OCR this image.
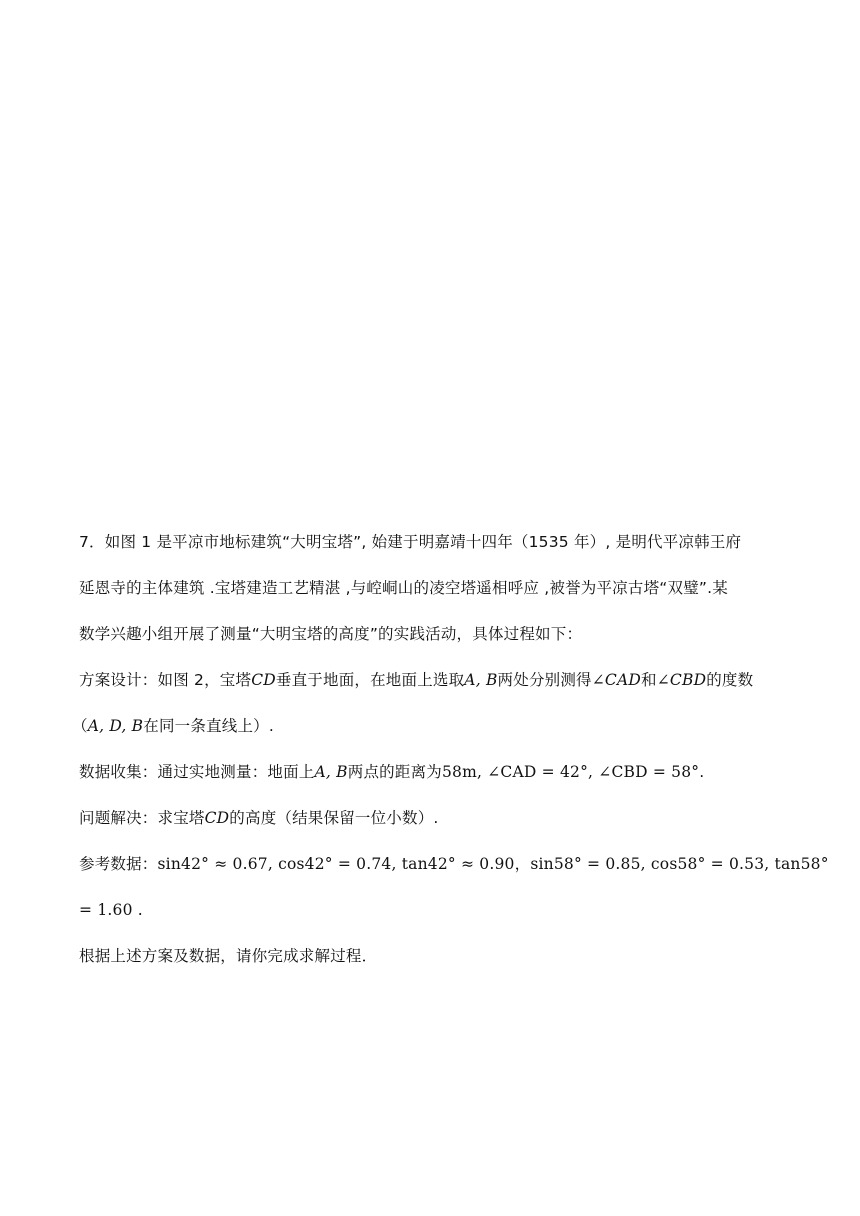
7．如图 1 是平凉市地标建筑“大明宝塔”, 始建于明嘉靖十四年（1535 年）, 是明代平凉韩王府
延恩寺的主体建筑 .宝塔建造工艺精湛 ,与崆峒山的凌空塔遥相呼应 ,被誉为平凉古塔“双璧”.某
数学兴趣小组开展了测量“大明宝塔的高度”的实践活动，具体过程如下：
方案设计：如图 2，宝塔CD垂直于地面，在地面上选取A, B两处分别测得∠CAD和∠CBD的度数
（A, D, B在同一条直线上）.
数据收集：通过实地测量：地面上A, B两点的距离为58m, ∠CAD = 42°, ∠CBD = 58°.
问题解决：求宝塔CD的高度（结果保留一位小数）.
参考数据：sin42° ≈ 0.67, cos42° = 0.74, tan42° ≈ 0.90，sin58° = 0.85, cos58° = 0.53, tan58°
= 1.60 .
根据上述方案及数据，请你完成求解过程．
